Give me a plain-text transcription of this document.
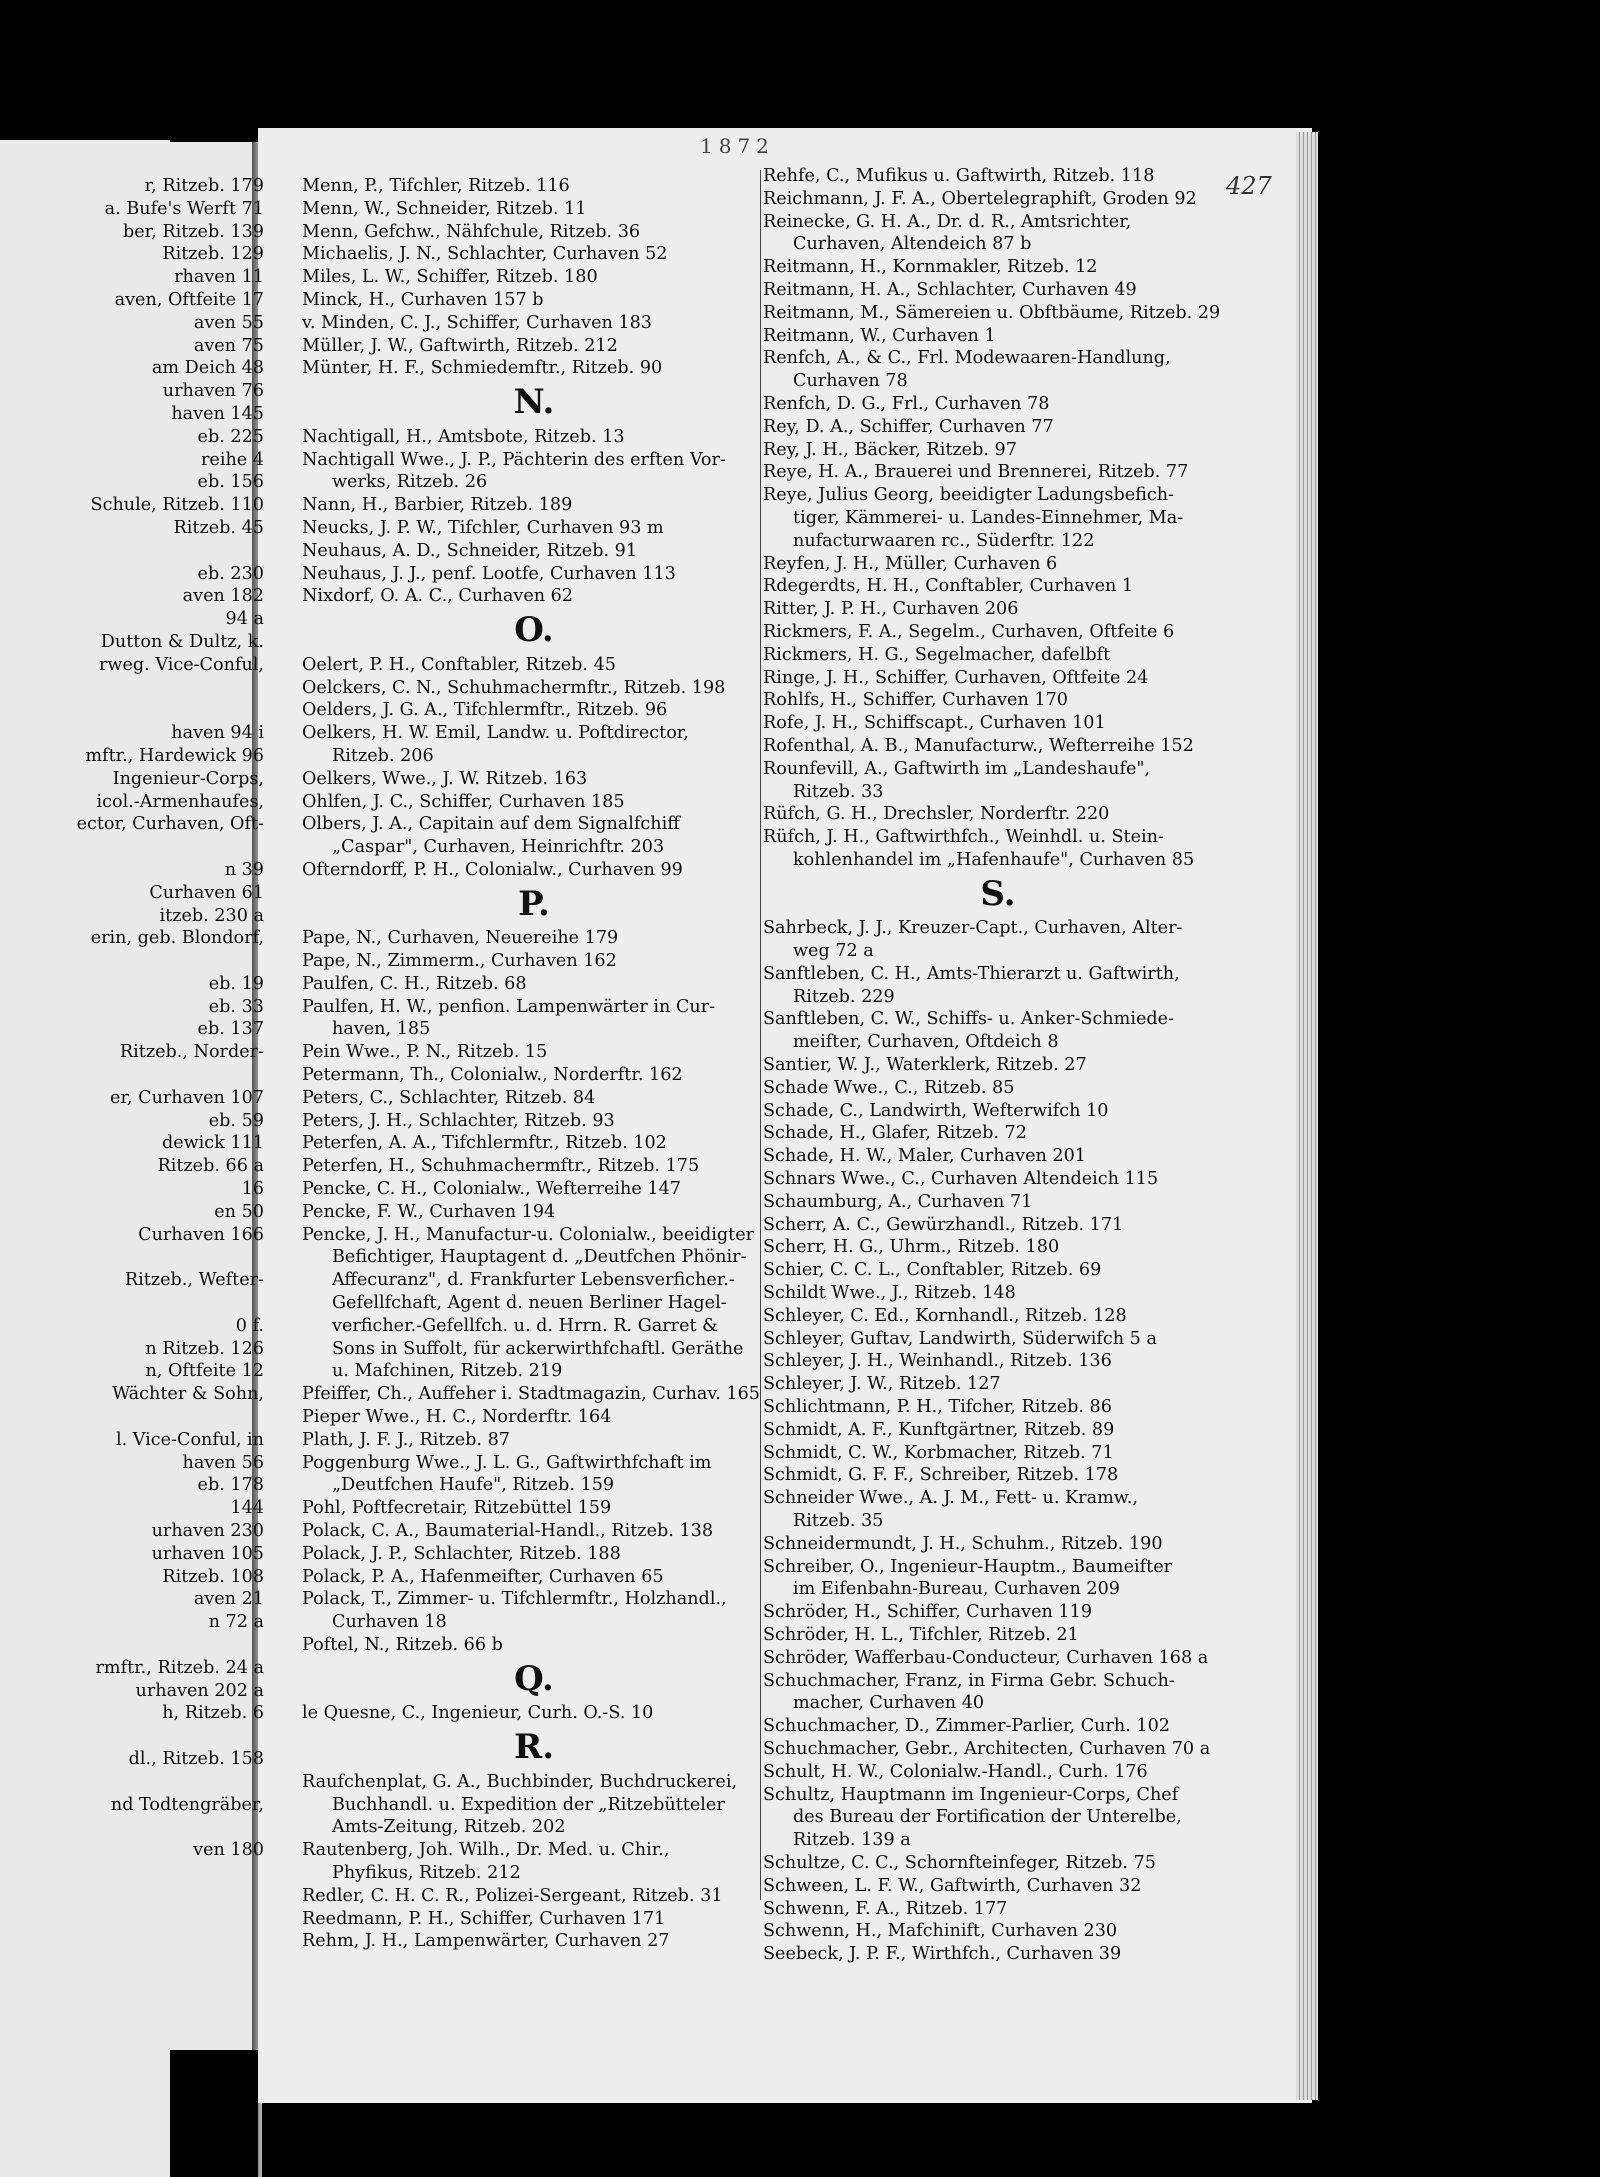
1872
427
r, Ritzeb. 179
a. Bufe's Werft 71
ber, Ritzeb. 139
Ritzeb. 129
rhaven 11
aven, Oftfeite 17
aven 55
aven 75
am Deich 48
urhaven 76
haven 145
eb. 225
reihe 4
eb. 156
Schule, Ritzeb. 110
Ritzeb. 45
eb. 230
aven 182
94 a
Dutton & Dultz, k.
rweg. Vice-Conful,
haven 94 i
mftr., Hardewick 96
Ingenieur-Corps,
icol.-Armenhaufes,
ector, Curhaven, Oft-
n 39
Curhaven 61
itzeb. 230 a
erin, geb. Blondorf,
eb. 19
eb. 33
eb. 137
Ritzeb., Norder-
er, Curhaven 107
eb. 59
dewick 111
Ritzeb. 66 a
16
en 50
Curhaven 166
Ritzeb., Wefter-
0 f.
n Ritzeb. 126
n, Oftfeite 12
Wächter & Sohn,
l. Vice-Conful, in
haven 56
eb. 178
144
urhaven 230
urhaven 105
Ritzeb. 108
aven 21
n 72 a
rmftr., Ritzeb. 24 a
urhaven 202 a
h, Ritzeb. 6
dl., Ritzeb. 158
nd Todtengräber,
ven 180
Menn, P., Tifchler, Ritzeb. 116
Menn, W., Schneider, Ritzeb. 11
Menn, Gefchw., Nähfchule, Ritzeb. 36
Michaelis, J. N., Schlachter, Curhaven 52
Miles, L. W., Schiffer, Ritzeb. 180
Minck, H., Curhaven 157 b
v. Minden, C. J., Schiffer, Curhaven 183
Müller, J. W., Gaftwirth, Ritzeb. 212
Münter, H. F., Schmiedemftr., Ritzeb. 90
N.
Nachtigall, H., Amtsbote, Ritzeb. 13
Nachtigall Wwe., J. P., Pächterin des erften Vor-
werks, Ritzeb. 26
Nann, H., Barbier, Ritzeb. 189
Neucks, J. P. W., Tifchler, Curhaven 93 m
Neuhaus, A. D., Schneider, Ritzeb. 91
Neuhaus, J. J., penf. Lootfe, Curhaven 113
Nixdorf, O. A. C., Curhaven 62
O.
Oelert, P. H., Conftabler, Ritzeb. 45
Oelckers, C. N., Schuhmachermftr., Ritzeb. 198
Oelders, J. G. A., Tifchlermftr., Ritzeb. 96
Oelkers, H. W. Emil, Landw. u. Poftdirector,
Ritzeb. 206
Oelkers, Wwe., J. W. Ritzeb. 163
Ohlfen, J. C., Schiffer, Curhaven 185
Olbers, J. A., Capitain auf dem Signalfchiff
„Caspar", Curhaven, Heinrichftr. 203
Ofterndorff, P. H., Colonialw., Curhaven 99
P.
Pape, N., Curhaven, Neuereihe 179
Pape, N., Zimmerm., Curhaven 162
Paulfen, C. H., Ritzeb. 68
Paulfen, H. W., penfion. Lampenwärter in Cur-
haven, 185
Pein Wwe., P. N., Ritzeb. 15
Petermann, Th., Colonialw., Norderftr. 162
Peters, C., Schlachter, Ritzeb. 84
Peters, J. H., Schlachter, Ritzeb. 93
Peterfen, A. A., Tifchlermftr., Ritzeb. 102
Peterfen, H., Schuhmachermftr., Ritzeb. 175
Pencke, C. H., Colonialw., Wefterreihe 147
Pencke, F. W., Curhaven 194
Pencke, J. H., Manufactur-u. Colonialw., beeidigter
Befichtiger, Hauptagent d. „Deutfchen Phönir-
Affecuranz", d. Frankfurter Lebensverficher.-
Gefellfchaft, Agent d. neuen Berliner Hagel-
verficher.-Gefellfch. u. d. Hrrn. R. Garret &
Sons in Suffolt, für ackerwirthfchaftl. Geräthe
u. Mafchinen, Ritzeb. 219
Pfeiffer, Ch., Auffeher i. Stadtmagazin, Curhav. 165
Pieper Wwe., H. C., Norderftr. 164
Plath, J. F. J., Ritzeb. 87
Poggenburg Wwe., J. L. G., Gaftwirthfchaft im
„Deutfchen Haufe", Ritzeb. 159
Pohl, Poftfecretair, Ritzebüttel 159
Polack, C. A., Baumaterial-Handl., Ritzeb. 138
Polack, J. P., Schlachter, Ritzeb. 188
Polack, P. A., Hafenmeifter, Curhaven 65
Polack, T., Zimmer- u. Tifchlermftr., Holzhandl.,
Curhaven 18
Poftel, N., Ritzeb. 66 b
Q.
le Quesne, C., Ingenieur, Curh. O.-S. 10
R.
Raufchenplat, G. A., Buchbinder, Buchdruckerei,
Buchhandl. u. Expedition der „Ritzebütteler
Amts-Zeitung, Ritzeb. 202
Rautenberg, Joh. Wilh., Dr. Med. u. Chir.,
Phyfikus, Ritzeb. 212
Redler, C. H. C. R., Polizei-Sergeant, Ritzeb. 31
Reedmann, P. H., Schiffer, Curhaven 171
Rehm, J. H., Lampenwärter, Curhaven 27
Rehfe, C., Mufikus u. Gaftwirth, Ritzeb. 118
Reichmann, J. F. A., Obertelegraphift, Groden 92
Reinecke, G. H. A., Dr. d. R., Amtsrichter,
Curhaven, Altendeich 87 b
Reitmann, H., Kornmakler, Ritzeb. 12
Reitmann, H. A., Schlachter, Curhaven 49
Reitmann, M., Sämereien u. Obftbäume, Ritzeb. 29
Reitmann, W., Curhaven 1
Renfch, A., & C., Frl. Modewaaren-Handlung,
Curhaven 78
Renfch, D. G., Frl., Curhaven 78
Rey, D. A., Schiffer, Curhaven 77
Rey, J. H., Bäcker, Ritzeb. 97
Reye, H. A., Brauerei und Brennerei, Ritzeb. 77
Reye, Julius Georg, beeidigter Ladungsbefich-
tiger, Kämmerei- u. Landes-Einnehmer, Ma-
nufacturwaaren rc., Süderftr. 122
Reyfen, J. H., Müller, Curhaven 6
Rdegerdts, H. H., Conftabler, Curhaven 1
Ritter, J. P. H., Curhaven 206
Rickmers, F. A., Segelm., Curhaven, Oftfeite 6
Rickmers, H. G., Segelmacher, dafelbft
Ringe, J. H., Schiffer, Curhaven, Oftfeite 24
Rohlfs, H., Schiffer, Curhaven 170
Rofe, J. H., Schiffscapt., Curhaven 101
Rofenthal, A. B., Manufacturw., Wefterreihe 152
Rounfevill, A., Gaftwirth im „Landeshaufe",
Ritzeb. 33
Rüfch, G. H., Drechsler, Norderftr. 220
Rüfch, J. H., Gaftwirthfch., Weinhdl. u. Stein-
kohlenhandel im „Hafenhaufe", Curhaven 85
S.
Sahrbeck, J. J., Kreuzer-Capt., Curhaven, Alter-
weg 72 a
Sanftleben, C. H., Amts-Thierarzt u. Gaftwirth,
Ritzeb. 229
Sanftleben, C. W., Schiffs- u. Anker-Schmiede-
meifter, Curhaven, Oftdeich 8
Santier, W. J., Waterklerk, Ritzeb. 27
Schade Wwe., C., Ritzeb. 85
Schade, C., Landwirth, Wefterwifch 10
Schade, H., Glafer, Ritzeb. 72
Schade, H. W., Maler, Curhaven 201
Schnars Wwe., C., Curhaven Altendeich 115
Schaumburg, A., Curhaven 71
Scherr, A. C., Gewürzhandl., Ritzeb. 171
Scherr, H. G., Uhrm., Ritzeb. 180
Schier, C. C. L., Conftabler, Ritzeb. 69
Schildt Wwe., J., Ritzeb. 148
Schleyer, C. Ed., Kornhandl., Ritzeb. 128
Schleyer, Guftav, Landwirth, Süderwifch 5 a
Schleyer, J. H., Weinhandl., Ritzeb. 136
Schleyer, J. W., Ritzeb. 127
Schlichtmann, P. H., Tifcher, Ritzeb. 86
Schmidt, A. F., Kunftgärtner, Ritzeb. 89
Schmidt, C. W., Korbmacher, Ritzeb. 71
Schmidt, G. F. F., Schreiber, Ritzeb. 178
Schneider Wwe., A. J. M., Fett- u. Kramw.,
Ritzeb. 35
Schneidermundt, J. H., Schuhm., Ritzeb. 190
Schreiber, O., Ingenieur-Hauptm., Baumeifter
im Eifenbahn-Bureau, Curhaven 209
Schröder, H., Schiffer, Curhaven 119
Schröder, H. L., Tifchler, Ritzeb. 21
Schröder, Wafferbau-Conducteur, Curhaven 168 a
Schuchmacher, Franz, in Firma Gebr. Schuch-
macher, Curhaven 40
Schuchmacher, D., Zimmer-Parlier, Curh. 102
Schuchmacher, Gebr., Architecten, Curhaven 70 a
Schult, H. W., Colonialw.-Handl., Curh. 176
Schultz, Hauptmann im Ingenieur-Corps, Chef
des Bureau der Fortification der Unterelbe,
Ritzeb. 139 a
Schultze, C. C., Schornfteinfeger, Ritzeb. 75
Schween, L. F. W., Gaftwirth, Curhaven 32
Schwenn, F. A., Ritzeb. 177
Schwenn, H., Mafchinift, Curhaven 230
Seebeck, J. P. F., Wirthfch., Curhaven 39
